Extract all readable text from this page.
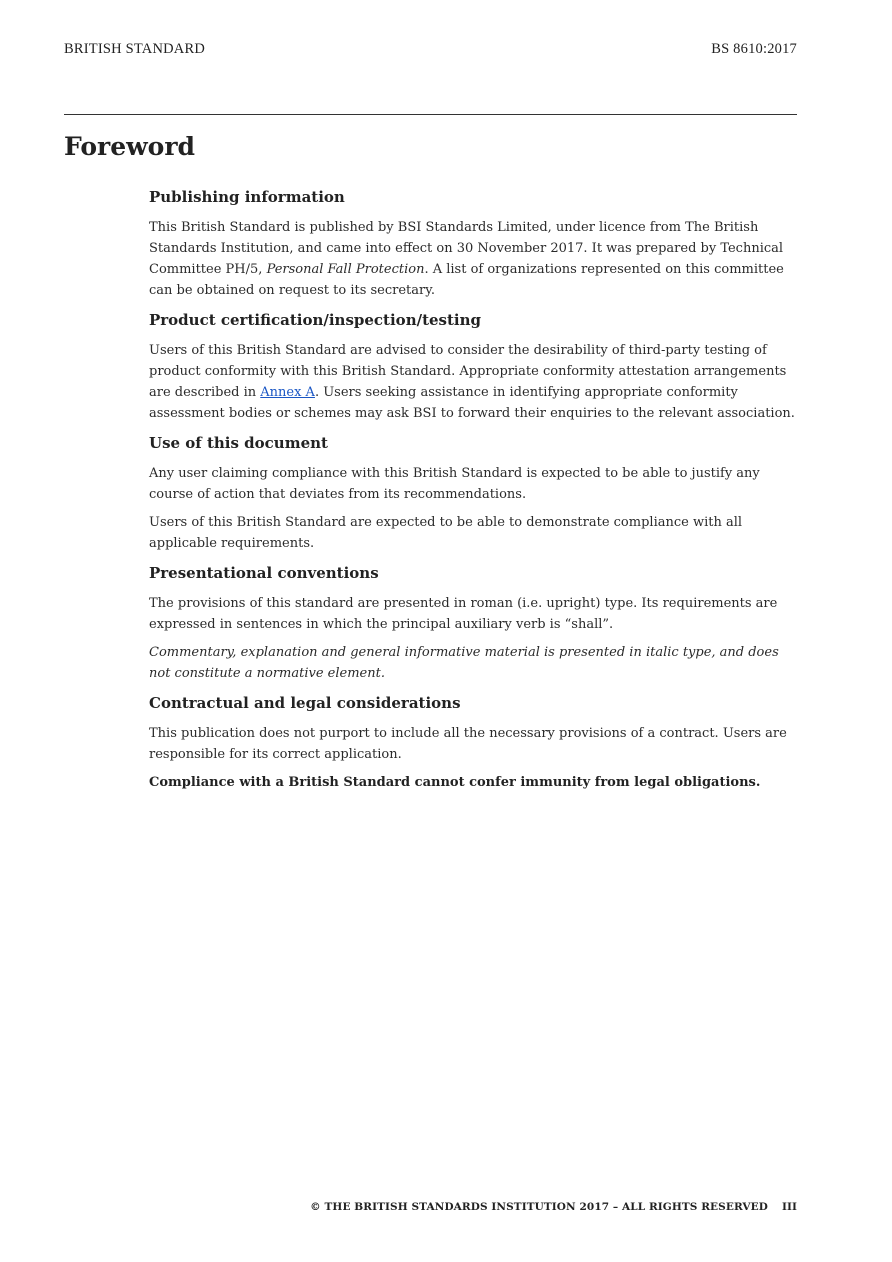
BRITISH STANDARD	BS 8610:2017
Foreword
Publishing information

This British Standard is published by BSI Standards Limited, under licence from The British Standards Institution, and came into effect on 30 November 2017. It was prepared by Technical Committee PH/5, Personal Fall Protection. A list of organizations represented on this committee can be obtained on request to its secretary.

Product certification/inspection/testing

Users of this British Standard are advised to consider the desirability of third-party testing of product conformity with this British Standard. Appropriate conformity attestation arrangements are described in Annex A. Users seeking assistance in identifying appropriate conformity assessment bodies or schemes may ask BSI to forward their enquiries to the relevant association.

Use of this document

Any user claiming compliance with this British Standard is expected to be able to justify any course of action that deviates from its recommendations.

Users of this British Standard are expected to be able to demonstrate compliance with all applicable requirements.

Presentational conventions

The provisions of this standard are presented in roman (i.e. upright) type. Its requirements are expressed in sentences in which the principal auxiliary verb is “shall”.

Commentary, explanation and general informative material is presented in italic type, and does not constitute a normative element.

Contractual and legal considerations

This publication does not purport to include all the necessary provisions of a contract. Users are responsible for its correct application.

Compliance with a British Standard cannot confer immunity from legal obligations.

© THE BRITISH STANDARDS INSTITUTION 2017 – ALL RIGHTS RESERVED III
